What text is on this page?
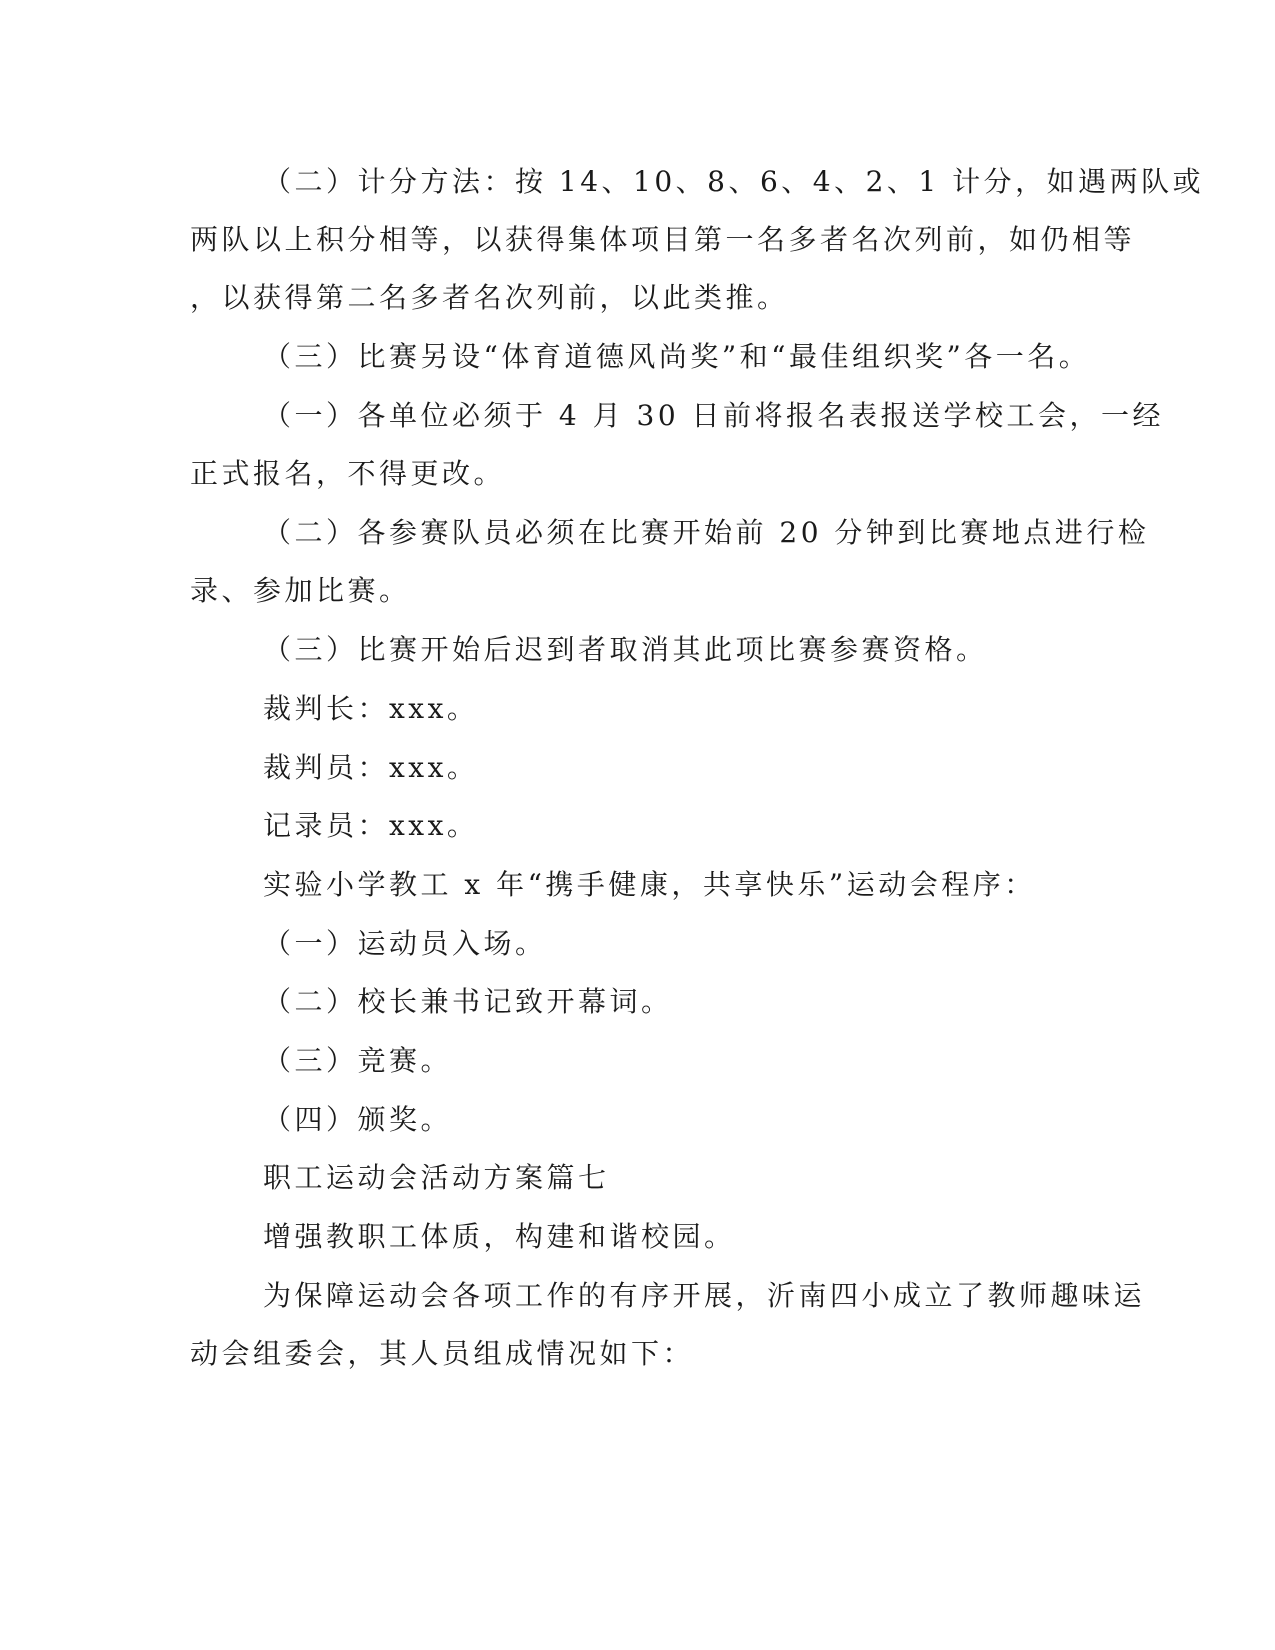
（二）计分方法：按 14、10、8、6、4、2、1 计分，如遇两队或
两队以上积分相等，以获得集体项目第一名多者名次列前，如仍相等
，以获得第二名多者名次列前，以此类推。
（三）比赛另设“体育道德风尚奖”和“最佳组织奖”各一名。
（一）各单位必须于 4 月 30 日前将报名表报送学校工会，一经
正式报名，不得更改。
（二）各参赛队员必须在比赛开始前 20 分钟到比赛地点进行检
录、参加比赛。
（三）比赛开始后迟到者取消其此项比赛参赛资格。
裁判长：xxx。
裁判员：xxx。
记录员：xxx。
实验小学教工 x 年“携手健康，共享快乐”运动会程序：
（一）运动员入场。
（二）校长兼书记致开幕词。
（三）竞赛。
（四）颁奖。
职工运动会活动方案篇七
增强教职工体质，构建和谐校园。
为保障运动会各项工作的有序开展，沂南四小成立了教师趣味运
动会组委会，其人员组成情况如下：
